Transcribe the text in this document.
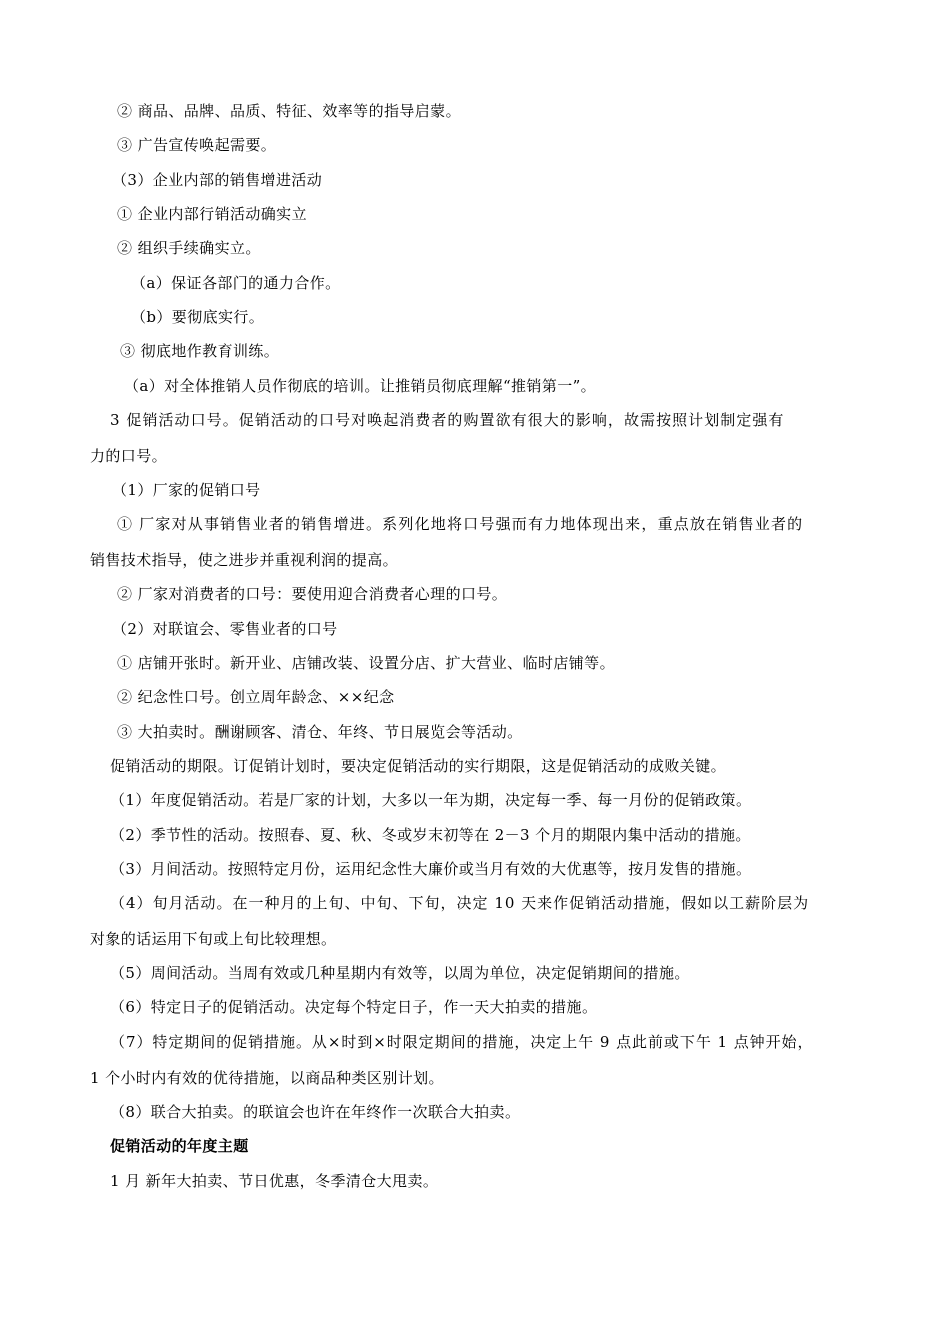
② 商品、品牌、品质、特征、效率等的指导启蒙。
③ 广告宣传唤起需要。
（3）企业内部的销售增进活动
① 企业内部行销活动确实立
② 组织手续确实立。
（a）保证各部门的通力合作。
（b）要彻底实行。
③ 彻底地作教育训练。
（a）对全体推销人员作彻底的培训。让推销员彻底理解“推销第一”。
3 促销活动口号。促销活动的口号对唤起消费者的购置欲有很大的影响，故需按照计划制定强有
力的口号。
（1）厂家的促销口号
① 厂家对从事销售业者的销售增进。系列化地将口号强而有力地体现出来，重点放在销售业者的
销售技术指导，使之进步并重视利润的提高。
② 厂家对消费者的口号：要使用迎合消费者心理的口号。
（2）对联谊会、零售业者的口号
① 店铺开张时。新开业、店铺改装、设置分店、扩大营业、临时店铺等。
② 纪念性口号。创立周年龄念、××纪念
③ 大拍卖时。酬谢顾客、清仓、年终、节日展览会等活动。
促销活动的期限。订促销计划时，要决定促销活动的实行期限，这是促销活动的成败关键。
（1）年度促销活动。若是厂家的计划，大多以一年为期，决定每一季、每一月份的促销政策。
（2）季节性的活动。按照春、夏、秋、冬或岁末初等在 2－3 个月的期限内集中活动的措施。
（3）月间活动。按照特定月份，运用纪念性大廉价或当月有效的大优惠等，按月发售的措施。
（4）旬月活动。在一种月的上旬、中旬、下旬，决定 10 天来作促销活动措施，假如以工薪阶层为
对象的话运用下旬或上旬比较理想。
（5）周间活动。当周有效或几种星期内有效等，以周为单位，决定促销期间的措施。
（6）特定日子的促销活动。决定每个特定日子，作一天大拍卖的措施。
（7）特定期间的促销措施。从×时到×时限定期间的措施，决定上午 9 点此前或下午 1 点钟开始，
1 个小时内有效的优待措施，以商品种类区别计划。
（8）联合大拍卖。的联谊会也许在年终作一次联合大拍卖。
促销活动的年度主题
1 月 新年大拍卖、节日优惠，冬季清仓大甩卖。
